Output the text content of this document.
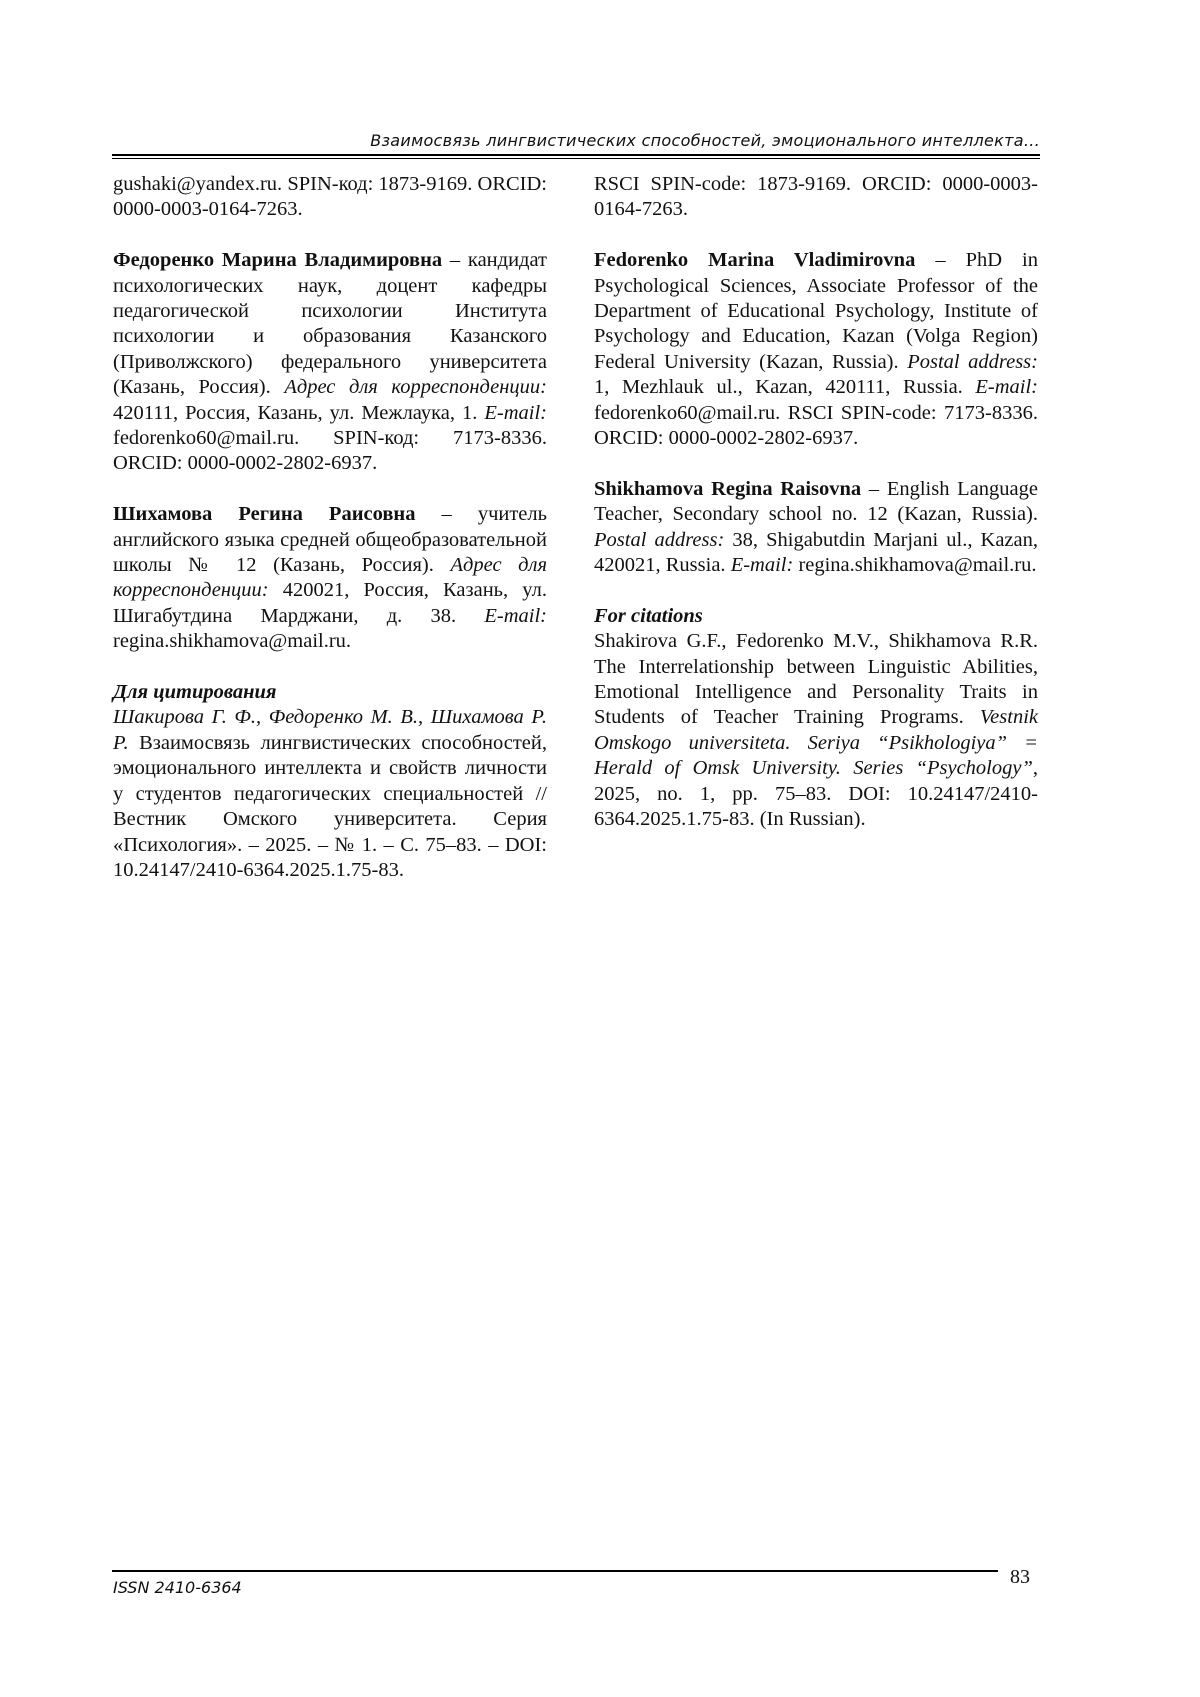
Взаимосвязь лингвистических способностей, эмоционального интеллекта...

gushaki@yandex.ru. SPIN-код: 1873-9169. ORCID: 0000-0003-0164-7263.

Федоренко Марина Владимировна – кандидат психологических наук, доцент кафедры педагогической психологии Института психологии и образования Казанского (Приволжского) федерального университета (Казань, Россия). Адрес для корреспонденции: 420111, Россия, Казань, ул. Межлаука, 1. E-mail: fedorenko60@mail.ru. SPIN-код: 7173-8336. ORCID: 0000-0002-2802-6937.

Шихамова Регина Раисовна – учитель английского языка средней общеобразовательной школы № 12 (Казань, Россия). Адрес для корреспонденции: 420021, Россия, Казань, ул. Шигабутдина Марджани, д. 38. E-mail: regina.shikhamova@mail.ru.

Для цитирования
Шакирова Г. Ф., Федоренко М. В., Шихамова Р. Р. Взаимосвязь лингвистических способностей, эмоционального интеллекта и свойств личности у студентов педагогических специальностей // Вестник Омского университета. Серия «Психология». – 2025. – № 1. – С. 75–83. – DOI: 10.24147/2410-6364.2025.1.75-83.

RSCI SPIN-code: 1873-9169. ORCID: 0000-0003-0164-7263.

Fedorenko Marina Vladimirovna – PhD in Psychological Sciences, Associate Professor of the Department of Educational Psychology, Institute of Psychology and Education, Kazan (Volga Region) Federal University (Kazan, Russia). Postal address: 1, Mezhlauk ul., Kazan, 420111, Russia. E-mail: fedorenko60@mail.ru. RSCI SPIN-code: 7173-8336. ORCID: 0000-0002-2802-6937.

Shikhamova Regina Raisovna – English Language Teacher, Secondary school no. 12 (Kazan, Russia). Postal address: 38, Shigabutdin Marjani ul., Kazan, 420021, Russia. E-mail: regina.shikhamova@mail.ru.

For citations
Shakirova G.F., Fedorenko M.V., Shikhamova R.R. The Interrelationship between Linguistic Abilities, Emotional Intelligence and Personality Traits in Students of Teacher Training Programs. Vestnik Omskogo universiteta. Seriya “Psikhologiya” = Herald of Omsk University. Series “Psychology”, 2025, no. 1, pp. 75–83. DOI: 10.24147/2410-6364.2025.1.75-83. (In Russian).

ISSN 2410-6364	83
